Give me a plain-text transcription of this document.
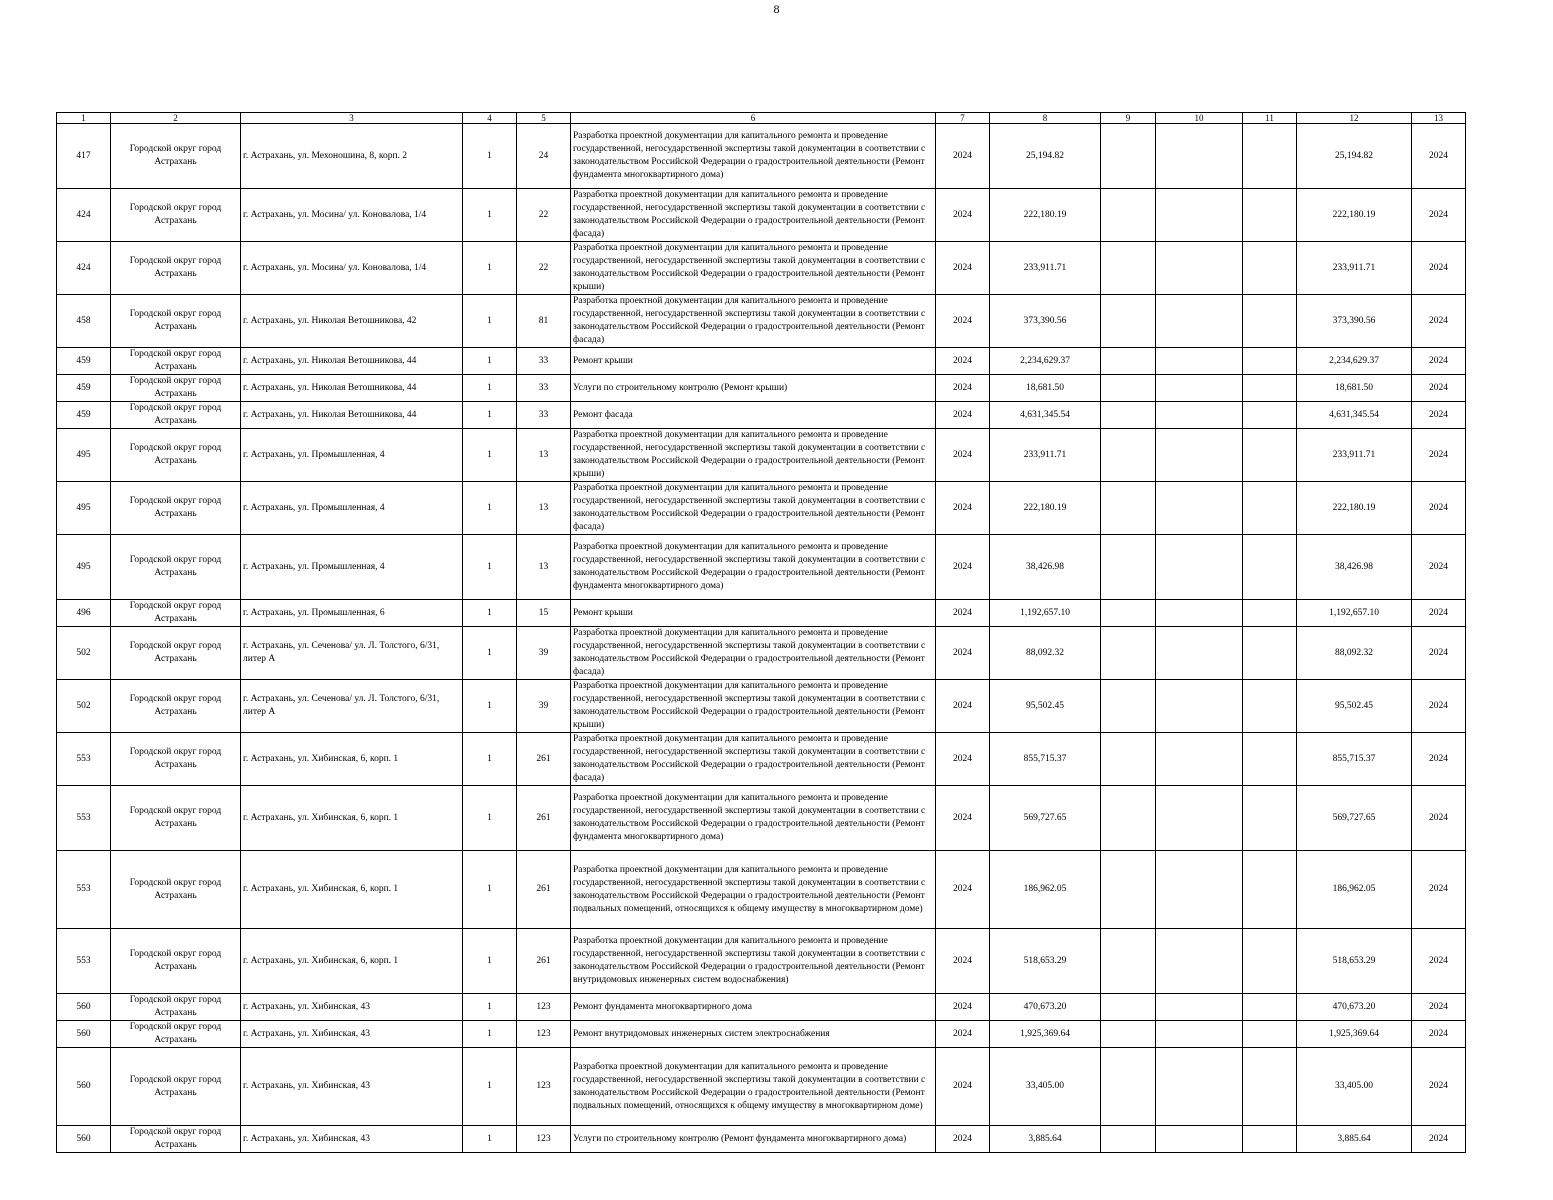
8
1	2	3	4	5	6	7	8	9	10	11	12	13
417	Городской округ город Астрахань	г. Астрахань, ул. Мехоношина, 8, корп. 2	1	24	Разработка проектной документации для капитального ремонта и проведение государственной, негосударственной экспертизы такой документации в соответствии с законодательством Российской Федерации о градостроительной деятельности (Ремонт фундамента многоквартирного дома)	2024	25,194.82				25,194.82	2024
424	Городской округ город Астрахань	г. Астрахань, ул. Мосина/ ул. Коновалова, 1/4	1	22	Разработка проектной документации для капитального ремонта и проведение государственной, негосударственной экспертизы такой документации в соответствии с законодательством Российской Федерации о градостроительной деятельности (Ремонт фасада)	2024	222,180.19				222,180.19	2024
424	Городской округ город Астрахань	г. Астрахань, ул. Мосина/ ул. Коновалова, 1/4	1	22	Разработка проектной документации для капитального ремонта и проведение государственной, негосударственной экспертизы такой документации в соответствии с законодательством Российской Федерации о градостроительной деятельности (Ремонт крыши)	2024	233,911.71				233,911.71	2024
458	Городской округ город Астрахань	г. Астрахань, ул. Николая Ветошникова, 42	1	81	Разработка проектной документации для капитального ремонта и проведение государственной, негосударственной экспертизы такой документации в соответствии с законодательством Российской Федерации о градостроительной деятельности (Ремонт фасада)	2024	373,390.56				373,390.56	2024
459	Городской округ город Астрахань	г. Астрахань, ул. Николая Ветошникова, 44	1	33	Ремонт крыши	2024	2,234,629.37				2,234,629.37	2024
459	Городской округ город Астрахань	г. Астрахань, ул. Николая Ветошникова, 44	1	33	Услуги по строительному контролю (Ремонт крыши)	2024	18,681.50				18,681.50	2024
459	Городской округ город Астрахань	г. Астрахань, ул. Николая Ветошникова, 44	1	33	Ремонт фасада	2024	4,631,345.54				4,631,345.54	2024
495	Городской округ город Астрахань	г. Астрахань, ул. Промышленная, 4	1	13	Разработка проектной документации для капитального ремонта и проведение государственной, негосударственной экспертизы такой документации в соответствии с законодательством Российской Федерации о градостроительной деятельности (Ремонт крыши)	2024	233,911.71				233,911.71	2024
495	Городской округ город Астрахань	г. Астрахань, ул. Промышленная, 4	1	13	Разработка проектной документации для капитального ремонта и проведение государственной, негосударственной экспертизы такой документации в соответствии с законодательством Российской Федерации о градостроительной деятельности (Ремонт фасада)	2024	222,180.19				222,180.19	2024
495	Городской округ город Астрахань	г. Астрахань, ул. Промышленная, 4	1	13	Разработка проектной документации для капитального ремонта и проведение государственной, негосударственной экспертизы такой документации в соответствии с законодательством Российской Федерации о градостроительной деятельности (Ремонт фундамента многоквартирного дома)	2024	38,426.98				38,426.98	2024
496	Городской округ город Астрахань	г. Астрахань, ул. Промышленная, 6	1	15	Ремонт крыши	2024	1,192,657.10				1,192,657.10	2024
502	Городской округ город Астрахань	г. Астрахань, ул. Сеченова/ ул. Л. Толстого, 6/31, литер А	1	39	Разработка проектной документации для капитального ремонта и проведение государственной, негосударственной экспертизы такой документации в соответствии с законодательством Российской Федерации о градостроительной деятельности (Ремонт фасада)	2024	88,092.32				88,092.32	2024
502	Городской округ город Астрахань	г. Астрахань, ул. Сеченова/ ул. Л. Толстого, 6/31, литер А	1	39	Разработка проектной документации для капитального ремонта и проведение государственной, негосударственной экспертизы такой документации в соответствии с законодательством Российской Федерации о градостроительной деятельности (Ремонт крыши)	2024	95,502.45				95,502.45	2024
553	Городской округ город Астрахань	г. Астрахань, ул. Хибинская, 6, корп. 1	1	261	Разработка проектной документации для капитального ремонта и проведение государственной, негосударственной экспертизы такой документации в соответствии с законодательством Российской Федерации о градостроительной деятельности (Ремонт фасада)	2024	855,715.37				855,715.37	2024
553	Городской округ город Астрахань	г. Астрахань, ул. Хибинская, 6, корп. 1	1	261	Разработка проектной документации для капитального ремонта и проведение государственной, негосударственной экспертизы такой документации в соответствии с законодательством Российской Федерации о градостроительной деятельности (Ремонт фундамента многоквартирного дома)	2024	569,727.65				569,727.65	2024
553	Городской округ город Астрахань	г. Астрахань, ул. Хибинская, 6, корп. 1	1	261	Разработка проектной документации для капитального ремонта и проведение государственной, негосударственной экспертизы такой документации в соответствии с законодательством Российской Федерации о градостроительной деятельности (Ремонт подвальных помещений, относящихся к общему имуществу в многоквартирном доме)	2024	186,962.05				186,962.05	2024
553	Городской округ город Астрахань	г. Астрахань, ул. Хибинская, 6, корп. 1	1	261	Разработка проектной документации для капитального ремонта и проведение государственной, негосударственной экспертизы такой документации в соответствии с законодательством Российской Федерации о градостроительной деятельности (Ремонт внутридомовых инженерных систем водоснабжения)	2024	518,653.29				518,653.29	2024
560	Городской округ город Астрахань	г. Астрахань, ул. Хибинская, 43	1	123	Ремонт фундамента многоквартирного дома	2024	470,673.20				470,673.20	2024
560	Городской округ город Астрахань	г. Астрахань, ул. Хибинская, 43	1	123	Ремонт внутридомовых инженерных систем электроснабжения	2024	1,925,369.64				1,925,369.64	2024
560	Городской округ город Астрахань	г. Астрахань, ул. Хибинская, 43	1	123	Разработка проектной документации для капитального ремонта и проведение государственной, негосударственной экспертизы такой документации в соответствии с законодательством Российской Федерации о градостроительной деятельности (Ремонт подвальных помещений, относящихся к общему имуществу в многоквартирном доме)	2024	33,405.00				33,405.00	2024
560	Городской округ город Астрахань	г. Астрахань, ул. Хибинская, 43	1	123	Услуги по строительному контролю (Ремонт фундамента многоквартирного дома)	2024	3,885.64				3,885.64	2024
